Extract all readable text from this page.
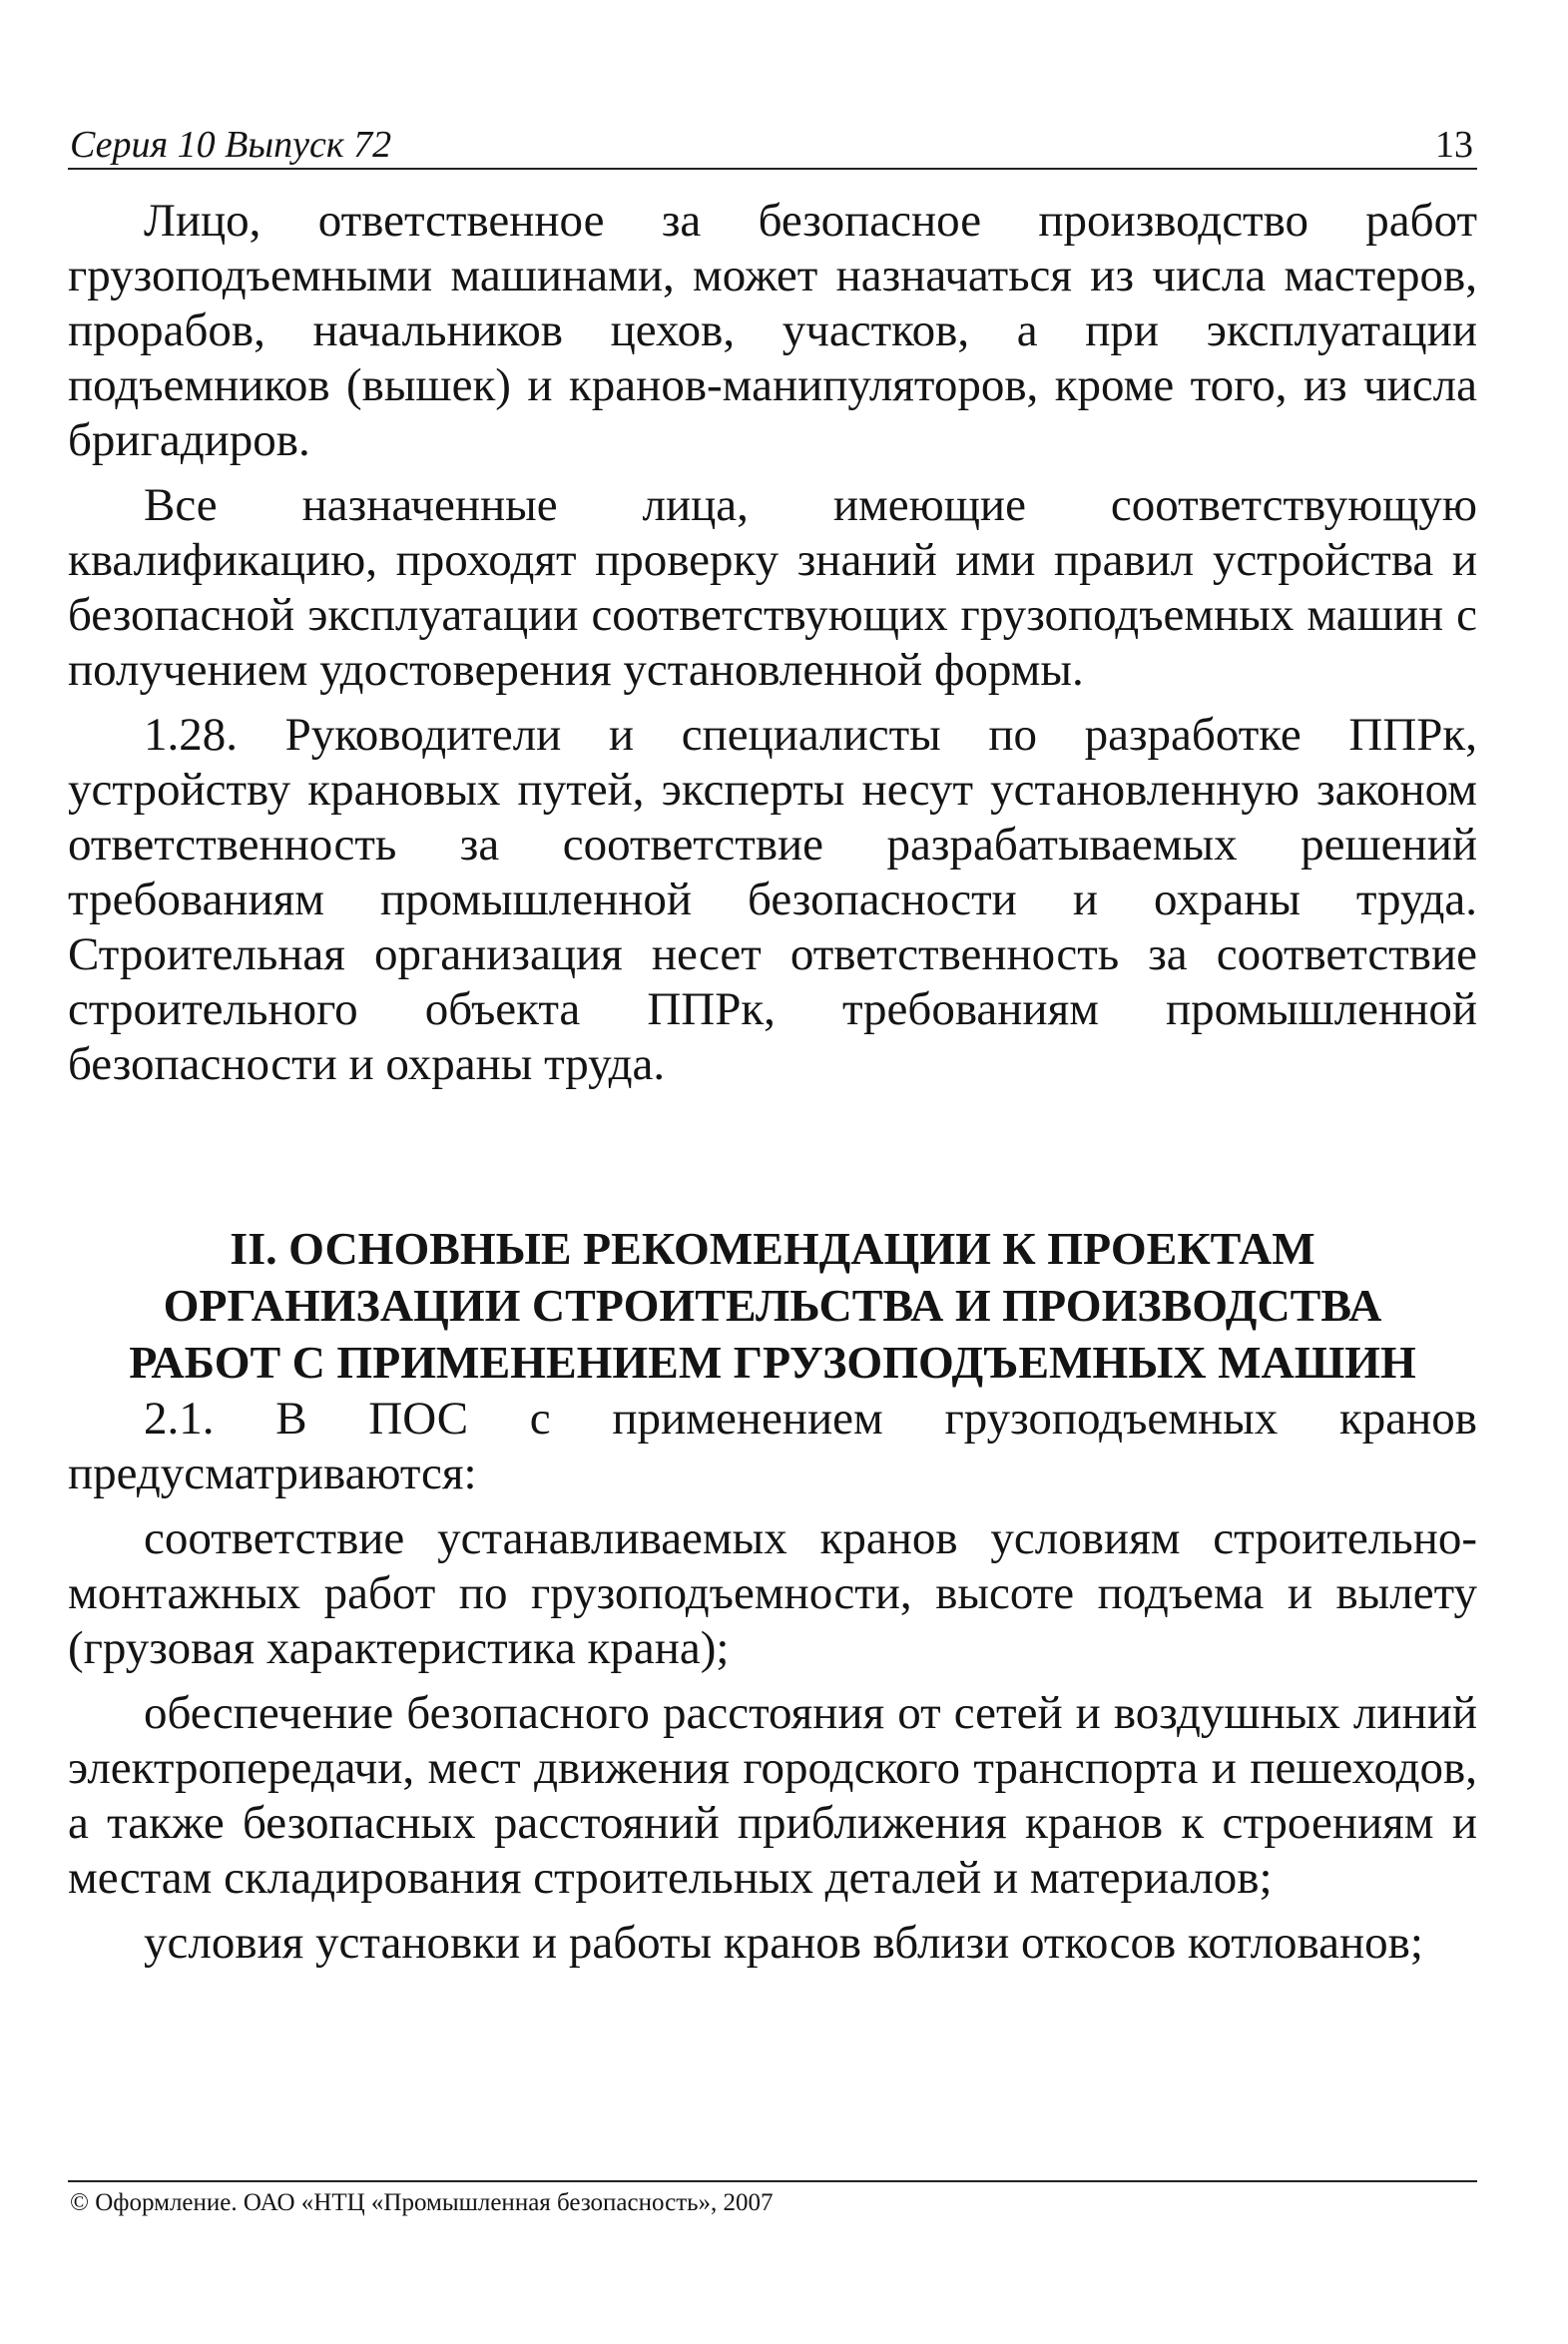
Серия 10 Выпуск 72	13

Лицо, ответственное за безопасное производство работ грузоподъемными машинами, может назначаться из числа мастеров, прорабов, начальников цехов, участков, а при эксплуатации подъемников (вышек) и кранов-манипуляторов, кроме того, из числа бригадиров.

Все назначенные лица, имеющие соответствующую квалификацию, проходят проверку знаний ими правил устройства и безопасной эксплуатации соответствующих грузоподъемных машин с получением удостоверения установленной формы.

1.28. Руководители и специалисты по разработке ППРк, устройству крановых путей, эксперты несут установленную законом ответственность за соответствие разрабатываемых решений требованиям промышленной безопасности и охраны труда. Строительная организация несет ответственность за соответствие строительного объекта ППРк, требованиям промышленной безопасности и охраны труда.

II. ОСНОВНЫЕ РЕКОМЕНДАЦИИ К ПРОЕКТАМ
ОРГАНИЗАЦИИ СТРОИТЕЛЬСТВА И ПРОИЗВОДСТВА
РАБОТ С ПРИМЕНЕНИЕМ ГРУЗОПОДЪЕМНЫХ МАШИН

2.1. В ПОС с применением грузоподъемных кранов предусматриваются:

соответствие устанавливаемых кранов условиям строительно-монтажных работ по грузоподъемности, высоте подъема и вылету (грузовая характеристика крана);

обеспечение безопасного расстояния от сетей и воздушных линий электропередачи, мест движения городского транспорта и пешеходов, а также безопасных расстояний приближения кранов к строениям и местам складирования строительных деталей и материалов;

условия установки и работы кранов вблизи откосов котлованов;

© Оформление. ОАО «НТЦ «Промышленная безопасность», 2007
